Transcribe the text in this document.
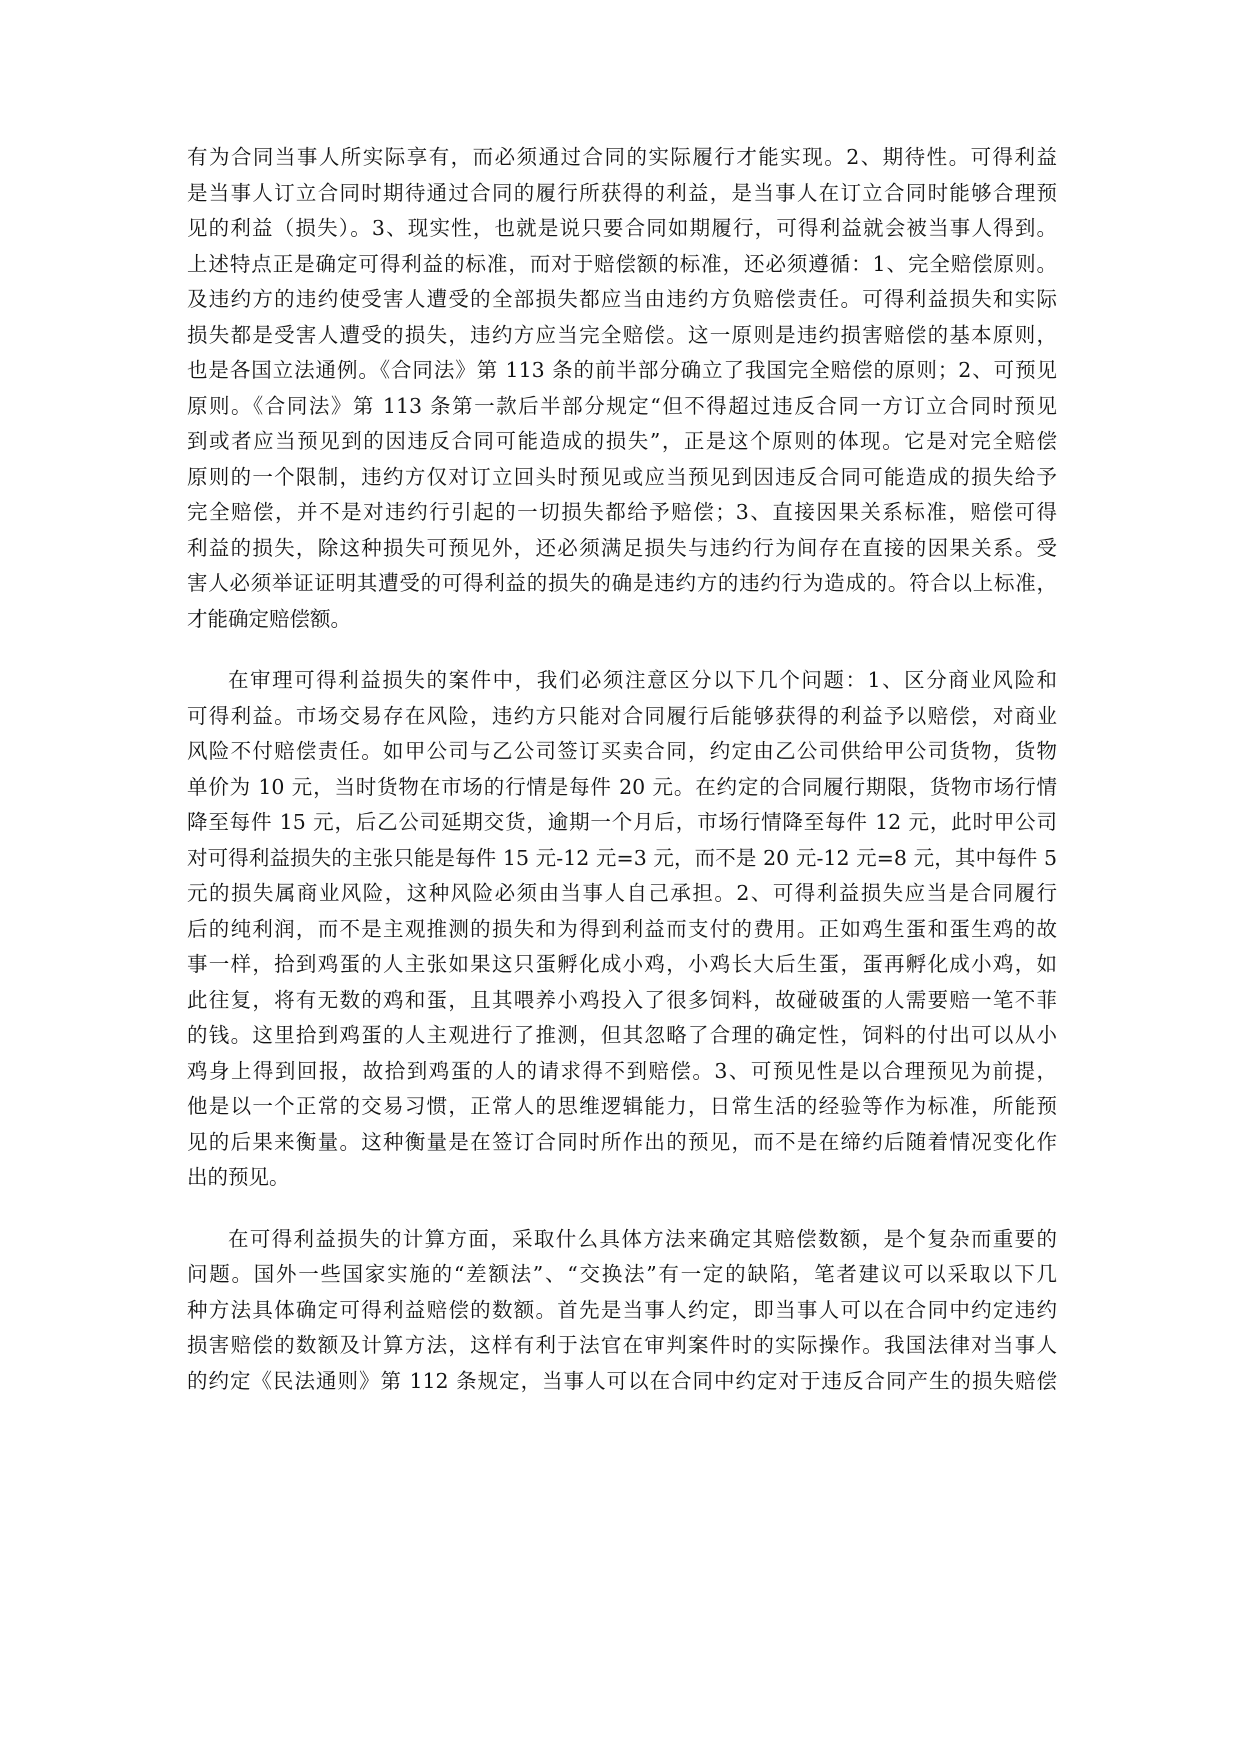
有为合同当事人所实际享有，而必须通过合同的实际履行才能实现。2、期待性。可得利益
是当事人订立合同时期待通过合同的履行所获得的利益，是当事人在订立合同时能够合理预
见的利益（损失）。3、现实性，也就是说只要合同如期履行，可得利益就会被当事人得到。
上述特点正是确定可得利益的标准，而对于赔偿额的标准，还必须遵循：1、完全赔偿原则。
及违约方的违约使受害人遭受的全部损失都应当由违约方负赔偿责任。可得利益损失和实际
损失都是受害人遭受的损失，违约方应当完全赔偿。这一原则是违约损害赔偿的基本原则，
也是各国立法通例。《合同法》第 113 条的前半部分确立了我国完全赔偿的原则；2、可预见
原则。《合同法》第 113 条第一款后半部分规定“但不得超过违反合同一方订立合同时预见
到或者应当预见到的因违反合同可能造成的损失”，正是这个原则的体现。它是对完全赔偿
原则的一个限制，违约方仅对订立回头时预见或应当预见到因违反合同可能造成的损失给予
完全赔偿，并不是对违约行引起的一切损失都给予赔偿；3、直接因果关系标准，赔偿可得
利益的损失，除这种损失可预见外，还必须满足损失与违约行为间存在直接的因果关系。受
害人必须举证证明其遭受的可得利益的损失的确是违约方的违约行为造成的。符合以上标准，
才能确定赔偿额。
在审理可得利益损失的案件中，我们必须注意区分以下几个问题：1、区分商业风险和
可得利益。市场交易存在风险，违约方只能对合同履行后能够获得的利益予以赔偿，对商业
风险不付赔偿责任。如甲公司与乙公司签订买卖合同，约定由乙公司供给甲公司货物，货物
单价为 10 元，当时货物在市场的行情是每件 20 元。在约定的合同履行期限，货物市场行情
降至每件 15 元，后乙公司延期交货，逾期一个月后，市场行情降至每件 12 元，此时甲公司
对可得利益损失的主张只能是每件 15 元-12 元=3 元，而不是 20 元-12 元=8 元，其中每件 5
元的损失属商业风险，这种风险必须由当事人自己承担。2、可得利益损失应当是合同履行
后的纯利润，而不是主观推测的损失和为得到利益而支付的费用。正如鸡生蛋和蛋生鸡的故
事一样，拾到鸡蛋的人主张如果这只蛋孵化成小鸡，小鸡长大后生蛋，蛋再孵化成小鸡，如
此往复，将有无数的鸡和蛋，且其喂养小鸡投入了很多饲料，故碰破蛋的人需要赔一笔不菲
的钱。这里拾到鸡蛋的人主观进行了推测，但其忽略了合理的确定性，饲料的付出可以从小
鸡身上得到回报，故拾到鸡蛋的人的请求得不到赔偿。3、可预见性是以合理预见为前提，
他是以一个正常的交易习惯，正常人的思维逻辑能力，日常生活的经验等作为标准，所能预
见的后果来衡量。这种衡量是在签订合同时所作出的预见，而不是在缔约后随着情况变化作
出的预见。
在可得利益损失的计算方面，采取什么具体方法来确定其赔偿数额，是个复杂而重要的
问题。国外一些国家实施的“差额法”、“交换法”有一定的缺陷，笔者建议可以采取以下几
种方法具体确定可得利益赔偿的数额。首先是当事人约定，即当事人可以在合同中约定违约
损害赔偿的数额及计算方法，这样有利于法官在审判案件时的实际操作。我国法律对当事人
的约定《民法通则》第 112 条规定，当事人可以在合同中约定对于违反合同产生的损失赔偿
